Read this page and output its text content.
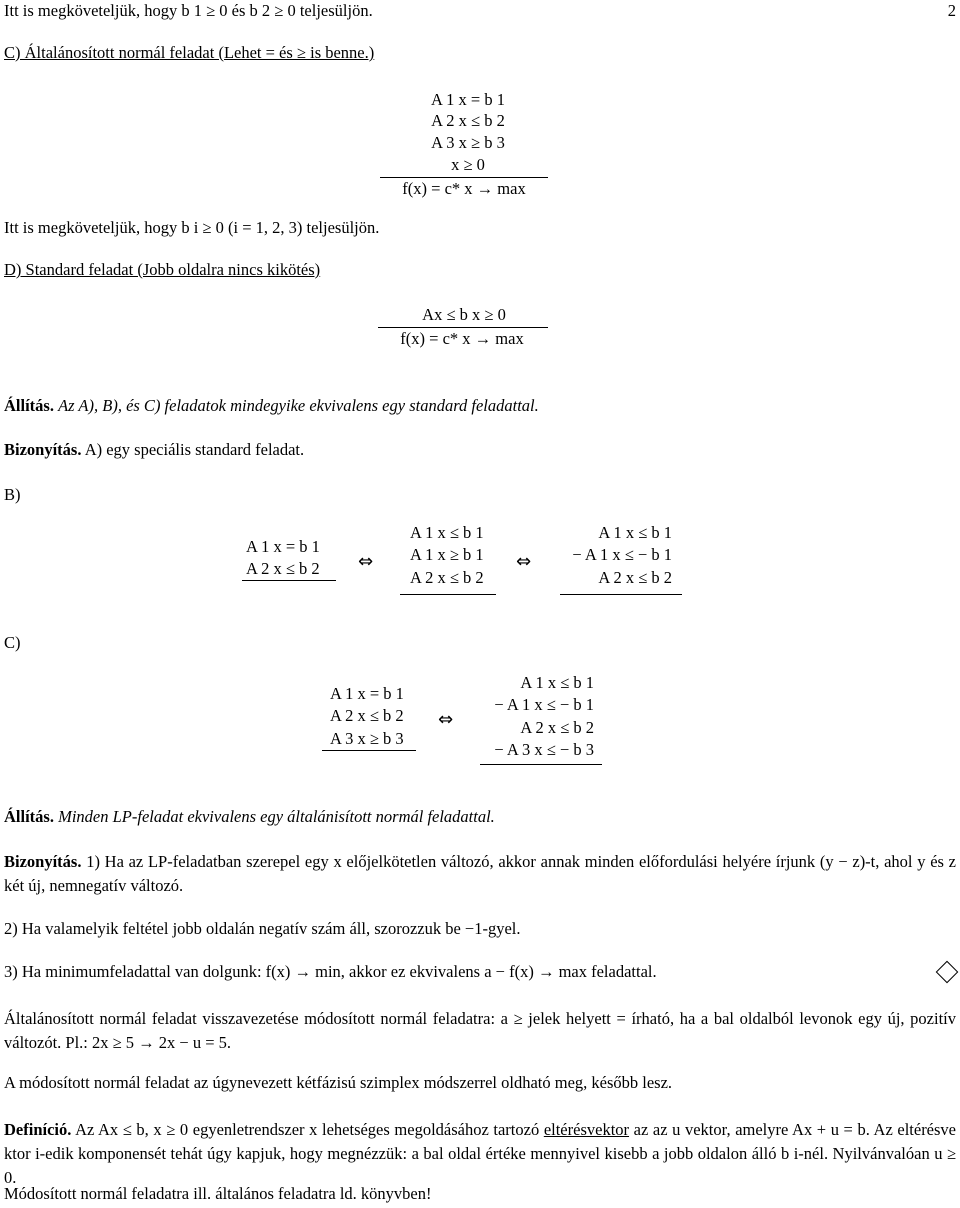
Itt is megköveteljük, hogy b 1 ≥ 0 és b 2 ≥ 0 teljesüljön.	2
C) Általánosított normál feladat (Lehet = és ≥ is benne.)
A 1 x = b 1
A 2 x ≤ b 2
A 3 x ≥ b 3
x ≥ 0
f(x) = c* x → max
Itt is megköveteljük, hogy b i ≥ 0 (i = 1, 2, 3) teljesüljön.
D) Standard feladat (Jobb oldalra nincs kikötés)
Ax ≤ b x ≥ 0
f(x) = c* x → max
Állítás. Az A), B), és C) feladatok mindegyike ekvivalens egy standard feladattal.
Bizonyítás. A) egy speciális standard feladat.
B)
A 1 x = b 1
A 2 x ≤ b 2 ⇔
A 1 x ≤ b 1
A 1 x ≥ b 1
A 2 x ≤ b 2
⇔
A 1 x ≤ b 1
− A 1 x ≤ − b 1
A 2 x ≤ b 2
C)
A 1 x = b 1
A 2 x ≤ b 2
A 3 x ≥ b 3
⇔
A 1 x ≤ b 1
− A 1 x ≤ − b 1
A 2 x ≤ b 2
− A 3 x ≤ − b 3
Állítás. Minden LP-feladat ekvivalens egy általánisított normál feladattal.
Bizonyítás. 1) Ha az LP-feladatban szerepel egy x előjelkötetlen változó, akkor annak minden előfordulási helyére írjunk (y − z)-t, ahol y és z két új, nemnegatív változó.
2) Ha valamelyik feltétel jobb oldalán negatív szám áll, szorozzuk be −1-gyel.
3) Ha minimumfeladattal van dolgunk: f(x) → min, akkor ez ekvivalens a − f(x) → max feladattal.
Általánosított normál feladat visszavezetése módosított normál feladatra: a ≥ jelek helyett = írható, ha a bal oldalból levonok egy új, pozitív változót. Pl.: 2x ≥ 5 → 2x − u = 5.
A módosított normál feladat az úgynevezett kétfázisú szimplex módszerrel oldható meg, később lesz.
Definíció. Az Ax ≤ b, x ≥ 0 egyenletrendszer x lehetséges megoldásához tartozó eltérésvektor az az u vektor, amelyre Ax + u = b. Az eltérésve ktor i-edik komponensét tehát úgy kapjuk, hogy megnézzük: a bal oldal értéke mennyivel kisebb a jobb oldalon álló b i-nél. Nyilvánvalóan u ≥ 0.
Módosított normál feladatra ill. általános feladatra ld. könyvben!
